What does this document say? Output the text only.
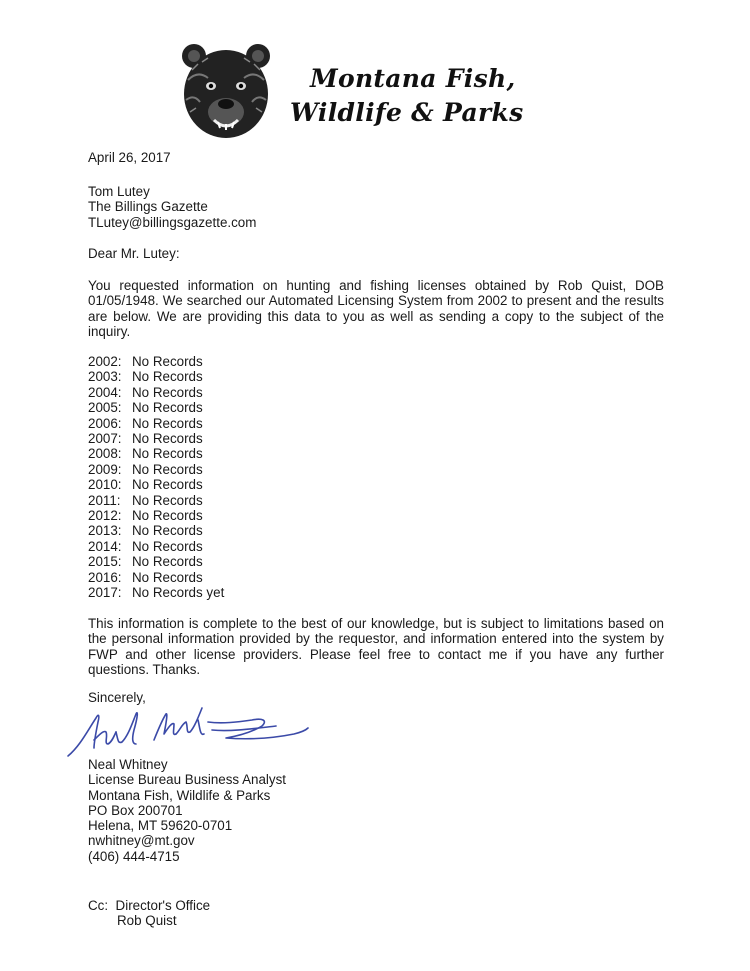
Montana Fish,
Wildlife & Parks
April 26, 2017
Tom Lutey
The Billings Gazette
TLutey@billingsgazette.com
Dear Mr. Lutey:
You requested information on hunting and fishing licenses obtained by Rob Quist, DOB 01/05/1948. We searched our Automated Licensing System from 2002 to present and the results are below. We are providing this data to you as well as sending a copy to the subject of the inquiry.
2002: No Records
2003: No Records
2004: No Records
2005: No Records
2006: No Records
2007: No Records
2008: No Records
2009: No Records
2010: No Records
2011: No Records
2012: No Records
2013: No Records
2014: No Records
2015: No Records
2016: No Records
2017: No Records yet
This information is complete to the best of our knowledge, but is subject to limitations based on the personal information provided by the requestor, and information entered into the system by FWP and other license providers. Please feel free to contact me if you have any further questions. Thanks.
Sincerely,
Neal Whitney
License Bureau Business Analyst
Montana Fish, Wildlife & Parks
PO Box 200701
Helena, MT 59620-0701
nwhitney@mt.gov
(406) 444-4715
Cc: Director's Office
Rob Quist
